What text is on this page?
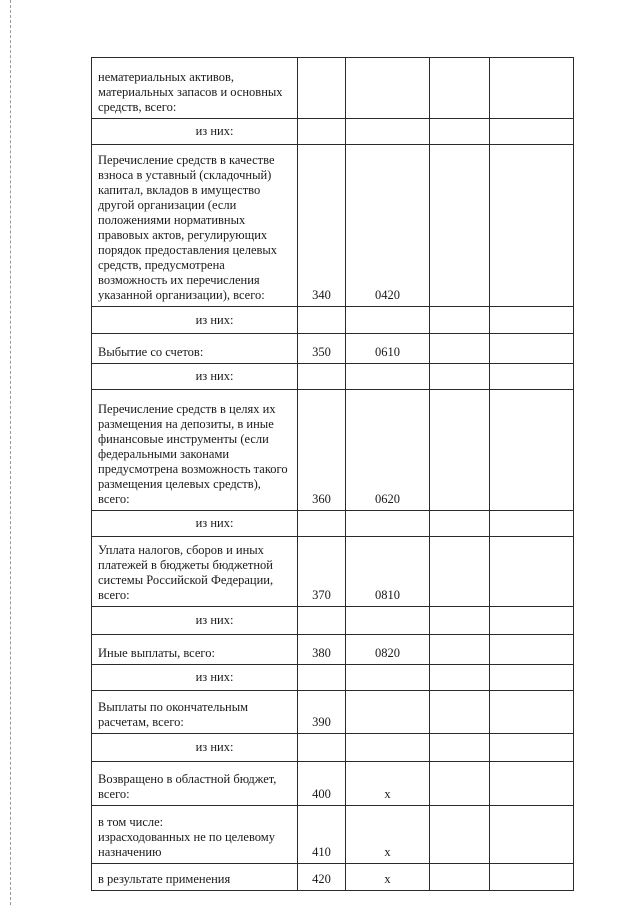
нематериальных активов, материальных запасов и основных средств, всего:				
из них:				
Перечисление средств в качестве взноса в уставный (складочный) капитал, вкладов в имущество другой организации (если положениями нормативных правовых актов, регулирующих порядок предоставления целевых средств, предусмотрена возможность их перечисления указанной организации), всего:	340	0420		
из них:				
Выбытие со счетов:	350	0610		
из них:				
Перечисление средств в целях их размещения на депозиты, в иные финансовые инструменты (если федеральными законами предусмотрена возможность такого размещения целевых средств), всего:	360	0620		
из них:				
Уплата налогов, сборов и иных платежей в бюджеты бюджетной системы Российской Федерации, всего:	370	0810		
из них:				
Иные выплаты, всего:	380	0820		
из них:				
Выплаты по окончательным расчетам, всего:	390			
из них:				
Возвращено в областной бюджет, всего:	400	х		
в том числе:
израсходованных не по целевому назначению	410	х		
в результате применения	420	х		
